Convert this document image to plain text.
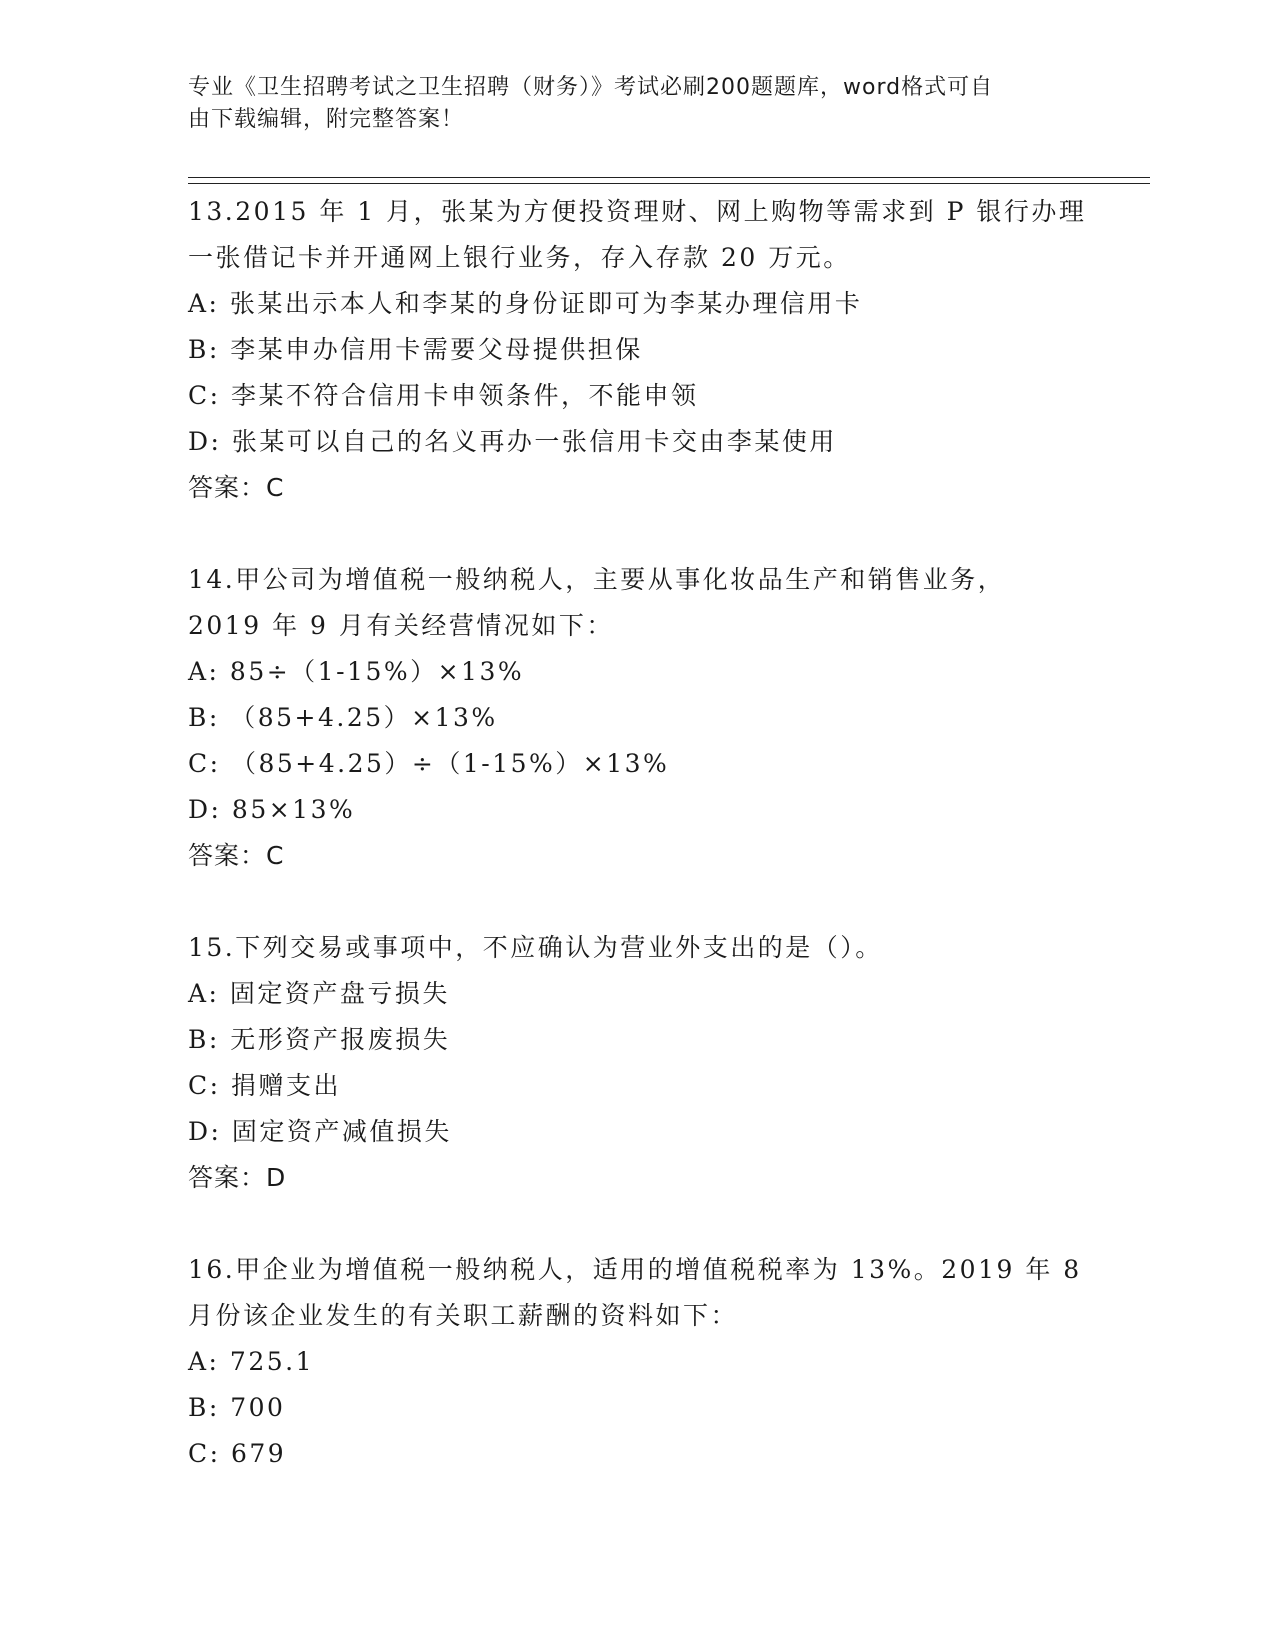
专业《卫生招聘考试之卫生招聘（财务）》考试必刷200题题库，word格式可自
由下载编辑，附完整答案！
13.2015 年 1 月，张某为方便投资理财、网上购物等需求到 P 银行办理
一张借记卡并开通网上银行业务，存入存款 20 万元。
A: 张某出示本人和李某的身份证即可为李某办理信用卡
B: 李某申办信用卡需要父母提供担保
C: 李某不符合信用卡申领条件，不能申领
D: 张某可以自己的名义再办一张信用卡交由李某使用
答案：C
14.甲公司为增值税一般纳税人，主要从事化妆品生产和销售业务，
2019 年 9 月有关经营情况如下：
A: 85÷（1-15%）×13%
B: （85+4.25）×13%
C: （85+4.25）÷（1-15%）×13%
D: 85×13%
答案：C
15.下列交易或事项中，不应确认为营业外支出的是（）。
A: 固定资产盘亏损失
B: 无形资产报废损失
C: 捐赠支出
D: 固定资产减值损失
答案：D
16.甲企业为增值税一般纳税人，适用的增值税税率为 13%。2019 年 8
月份该企业发生的有关职工薪酬的资料如下：
A: 725.1
B: 700
C: 679
